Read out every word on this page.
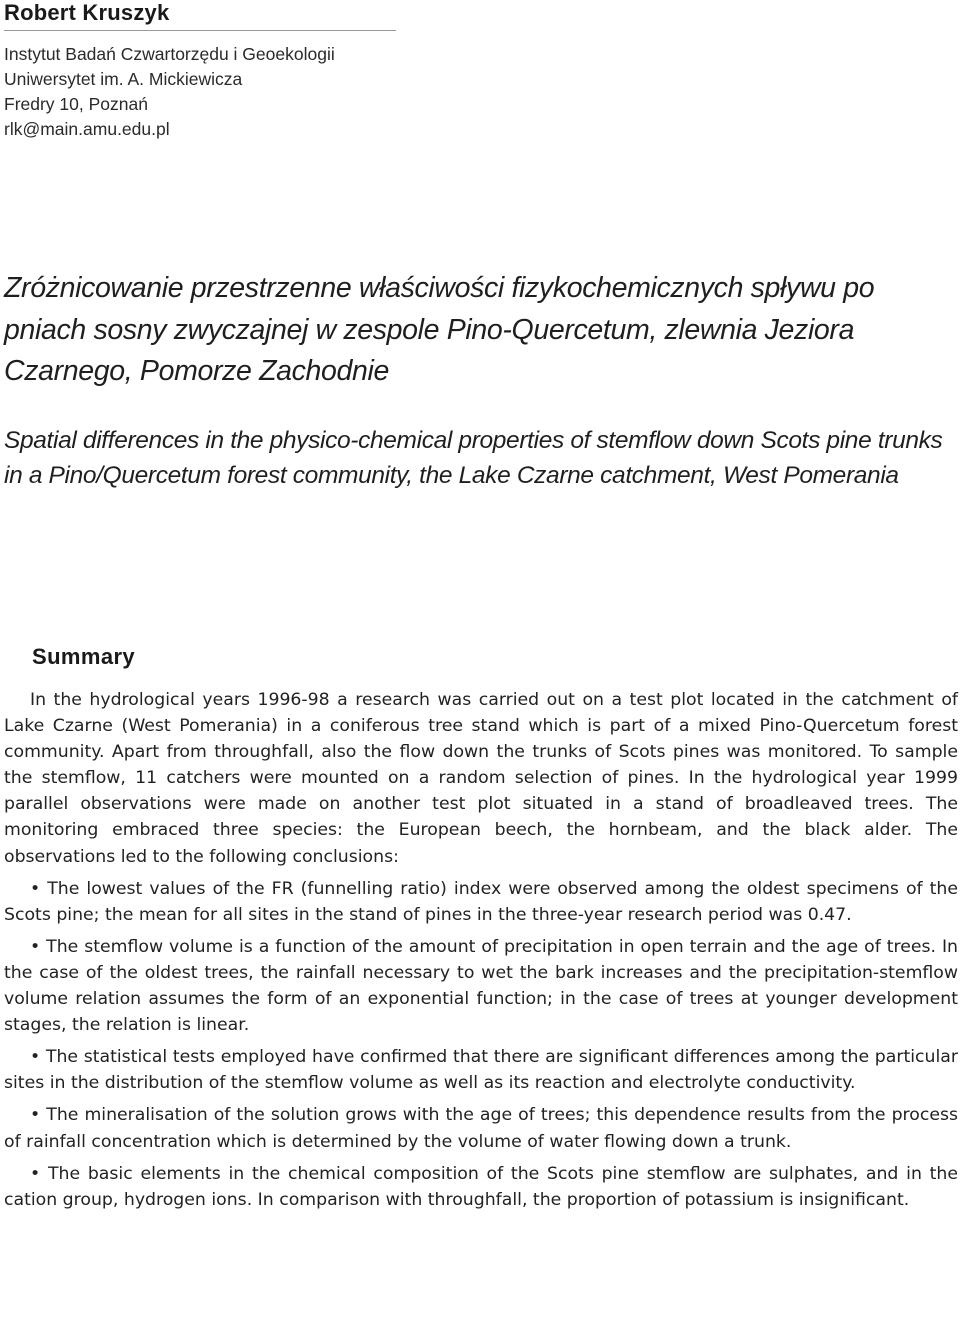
Robert Kruszyk
Instytut Badań Czwartorzędu i Geoekologii
Uniwersytet im. A. Mickiewicza
Fredry 10, Poznań
rlk@main.amu.edu.pl
Zróżnicowanie przestrzenne właściwości fizykochemicznych spływu po pniach sosny zwyczajnej w zespole Pino-Quercetum, zlewnia Jeziora Czarnego, Pomorze Zachodnie
Spatial differences in the physico-chemical properties of stemflow down Scots pine trunks in a Pino/Quercetum forest community, the Lake Czarne catchment, West Pomerania
Summary

In the hydrological years 1996-98 a research was carried out on a test plot located in the catchment of Lake Czarne (West Pomerania) in a coniferous tree stand which is part of a mixed Pino-Quercetum forest community. Apart from throughfall, also the flow down the trunks of Scots pines was monitored. To sample the stemflow, 11 catchers were mounted on a random selection of pines. In the hydrological year 1999 parallel observations were made on another test plot situated in a stand of broadleaved trees. The monitoring embraced three species: the European beech, the hornbeam, and the black alder. The observations led to the following conclusions:

• The lowest values of the FR (funnelling ratio) index were observed among the oldest specimens of the Scots pine; the mean for all sites in the stand of pines in the three-year research period was 0.47.
• The stemflow volume is a function of the amount of precipitation in open terrain and the age of trees. In the case of the oldest trees, the rainfall necessary to wet the bark increases and the precipitation-stemflow volume relation assumes the form of an exponential function; in the case of trees at younger development stages, the relation is linear.
• The statistical tests employed have confirmed that there are significant differences among the particular sites in the distribution of the stemflow volume as well as its reaction and electrolyte conductivity.
• The mineralisation of the solution grows with the age of trees; this dependence results from the process of rainfall concentration which is determined by the volume of water flowing down a trunk.
• The basic elements in the chemical composition of the Scots pine stemflow are sulphates, and in the cation group, hydrogen ions. In comparison with throughfall, the proportion of potassium is insignificant.
